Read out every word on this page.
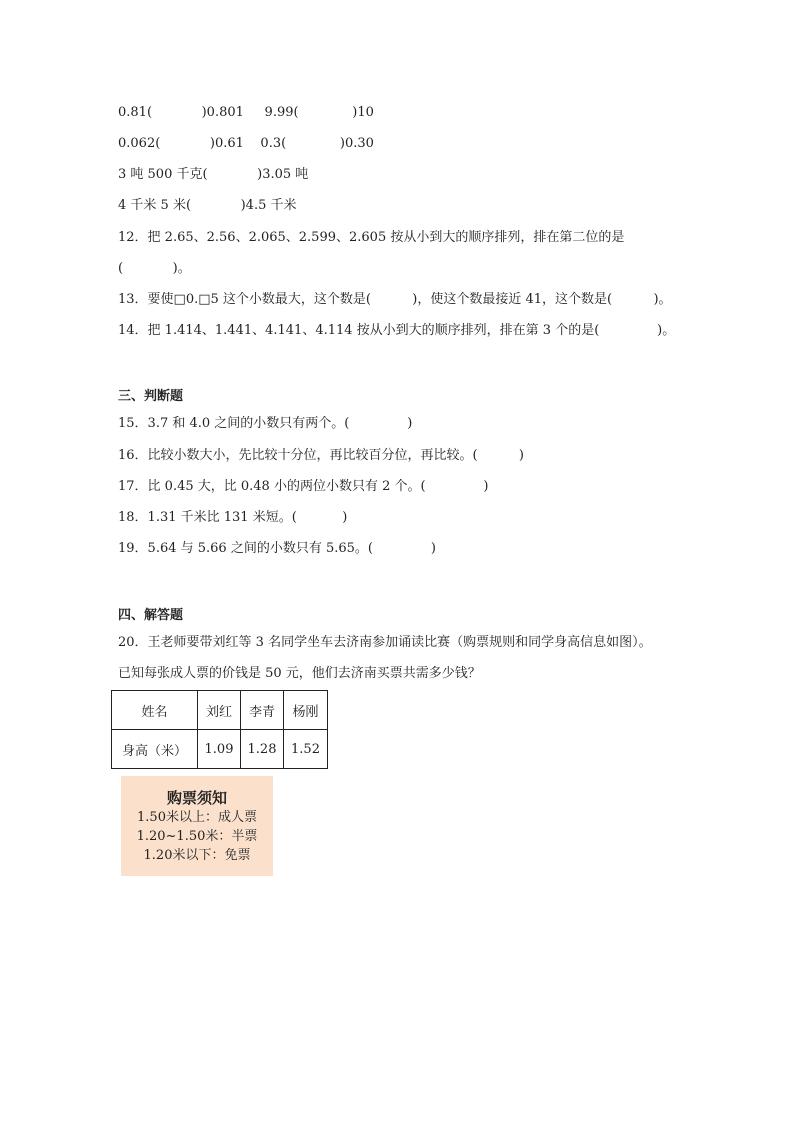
0.81(            )0.801     9.99(             )10
0.062(            )0.61    0.3(             )0.30
3 吨 500 千克(            )3.05 吨
4 千米 5 米(            )4.5 千米
12．把 2.65、2.56、2.065、2.599、2.605 按从小到大的顺序排列，排在第二位的是
(            )。
13．要使□0.□5 这个小数最大，这个数是(          )，使这个数最接近 41，这个数是(          )。
14．把 1.414、1.441、4.141、4.114 按从小到大的顺序排列，排在第 3 个的是(              )。
三、判断题
15．3.7 和 4.0 之间的小数只有两个。(              )
16．比较小数大小，先比较十分位，再比较百分位，再比较。(          )
17．比 0.45 大，比 0.48 小的两位小数只有 2 个。(              )
18．1.31 千米比 131 米短。(           )
19．5.64 与 5.66 之间的小数只有 5.65。(              )
四、解答题
20．王老师要带刘红等 3 名同学坐车去济南参加诵读比赛（购票规则和同学身高信息如图）。
已知每张成人票的价钱是 50 元，他们去济南买票共需多少钱？
姓名	刘红	李青	杨刚
身高（米）	1.09	1.28	1.52
购票须知
1.50米以上：成人票
1.20~1.50米：半票
1.20米以下：免票
